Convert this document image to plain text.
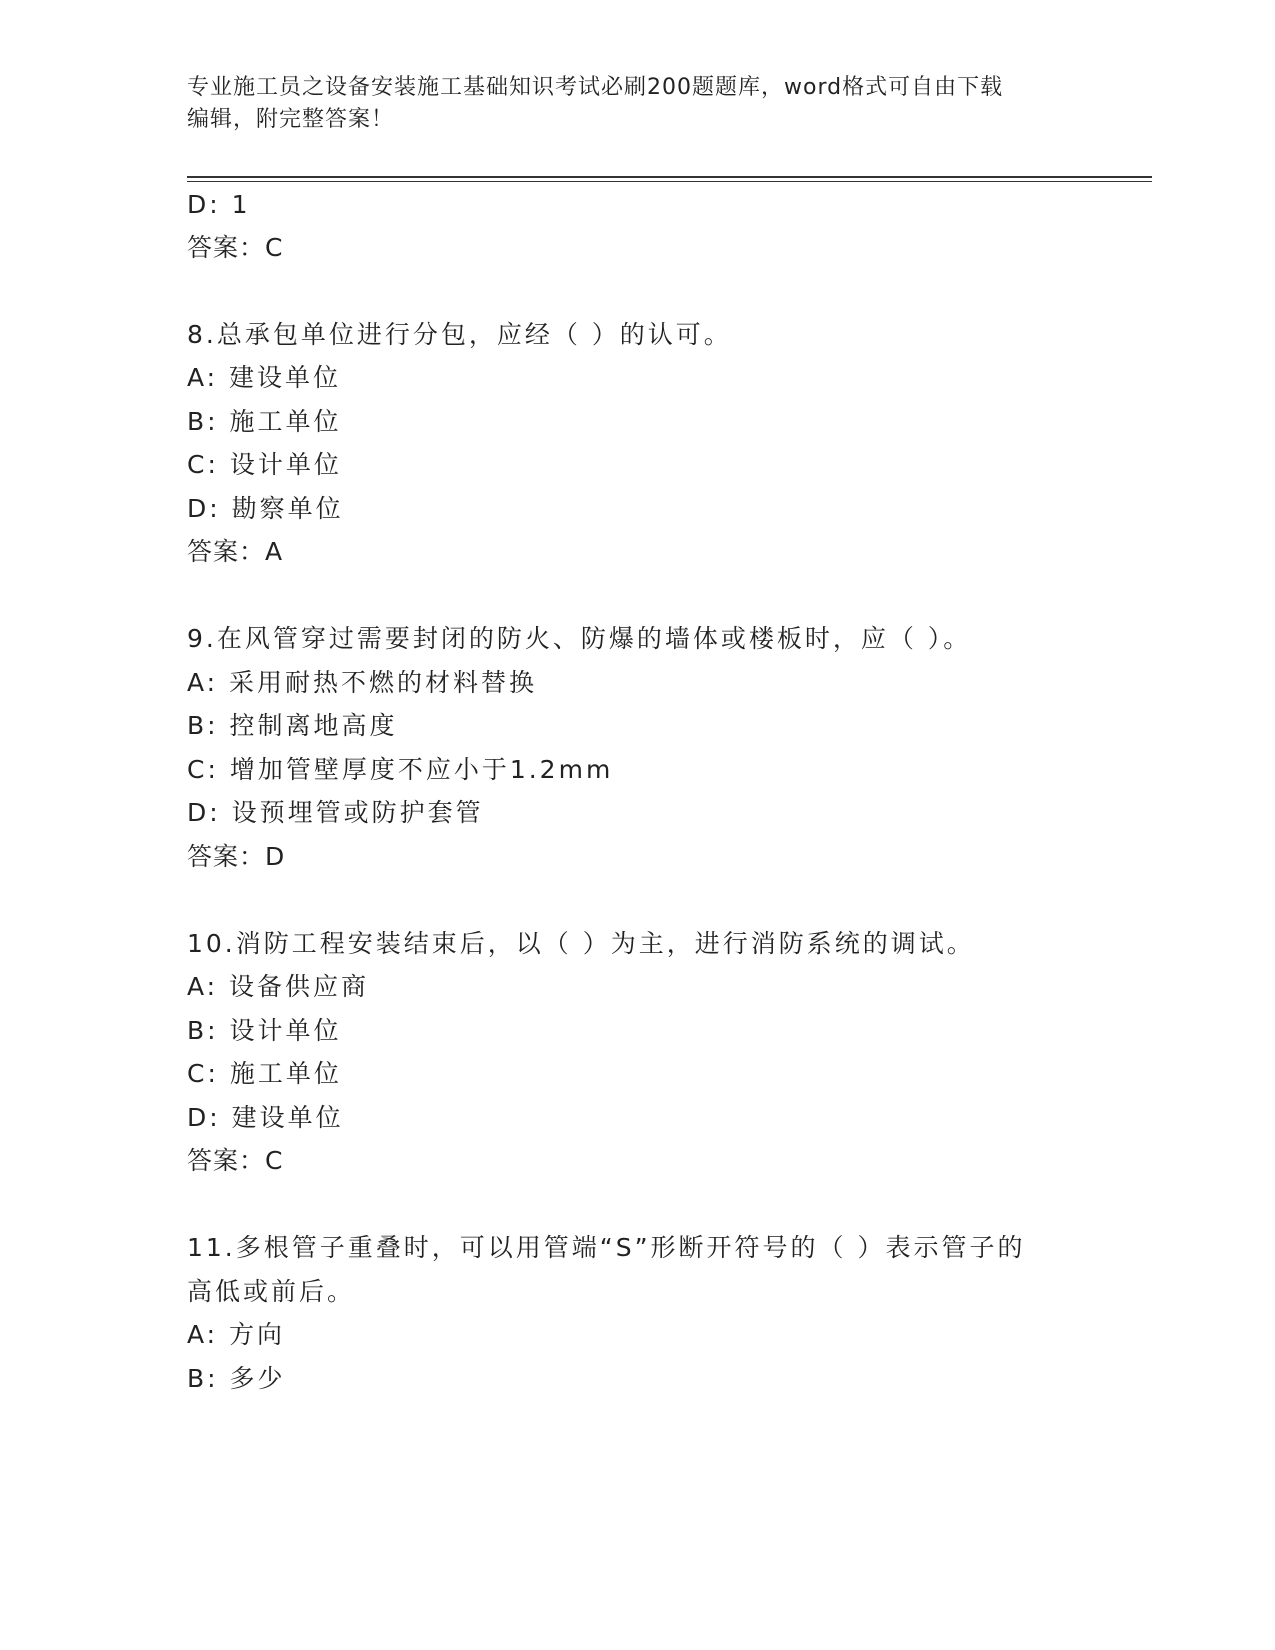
专业施工员之设备安装施工基础知识考试必刷200题题库，word格式可自由下载
编辑，附完整答案！
D: 1
答案：C
8.总承包单位进行分包，应经（ ）的认可。
A: 建设单位
B: 施工单位
C: 设计单位
D: 勘察单位
答案：A
9.在风管穿过需要封闭的防火、防爆的墙体或楼板时，应（ ）。
A: 采用耐热不燃的材料替换
B: 控制离地高度
C: 增加管壁厚度不应小于1.2mm
D: 设预埋管或防护套管
答案：D
10.消防工程安装结束后，以（ ）为主，进行消防系统的调试。
A: 设备供应商
B: 设计单位
C: 施工单位
D: 建设单位
答案：C
11.多根管子重叠时，可以用管端“S”形断开符号的（ ）表示管子的
高低或前后。
A: 方向
B: 多少
